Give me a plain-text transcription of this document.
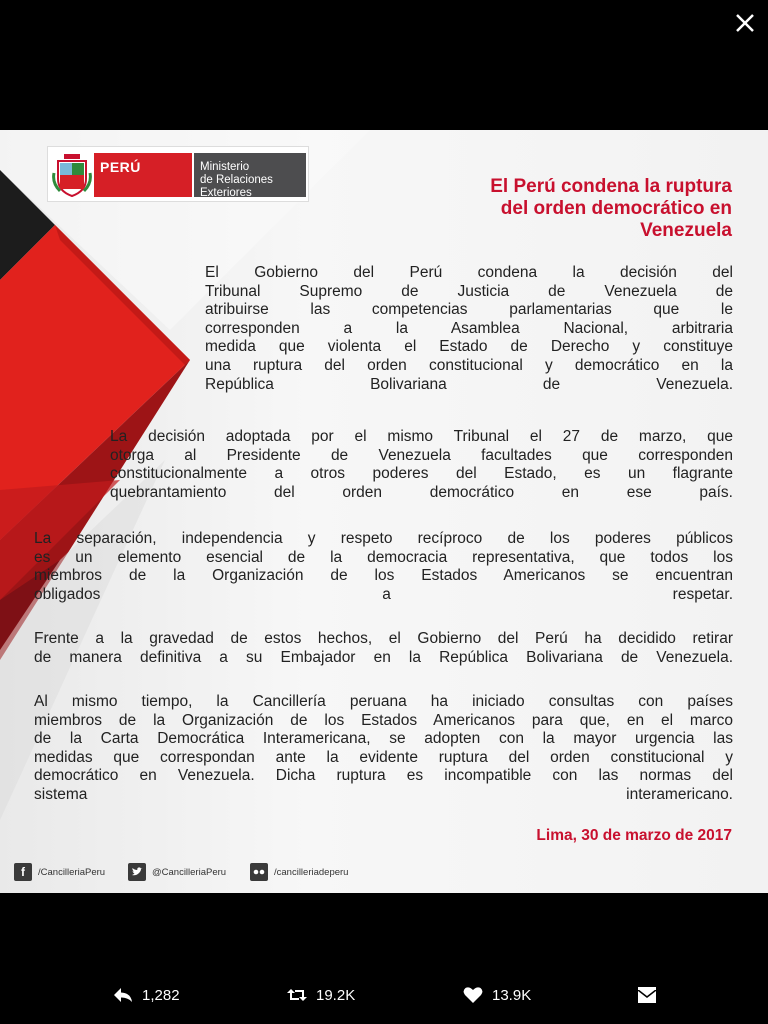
PERÚ	Ministerio
de Relaciones Exteriores	El Perú condena la ruptura
del orden democrático en
Venezuela
El Gobierno del Perú condena la decisión del
Tribunal Supremo de Justicia de Venezuela de
atribuirse las competencias parlamentarias que le
corresponden a la Asamblea Nacional, arbitraria
medida que violenta el Estado de Derecho y constituye
una ruptura del orden constitucional y democrático en la
República Bolivariana de Venezuela.
La decisión adoptada por el mismo Tribunal el 27 de marzo, que
otorga al Presidente de Venezuela facultades que corresponden
constitucionalmente a otros poderes del Estado, es un flagrante
quebrantamiento del orden democrático en ese país.
La separación, independencia y respeto recíproco de los poderes públicos
es un elemento esencial de la democracia representativa, que todos los
miembros de la Organización de los Estados Americanos se encuentran
obligados a respetar.
Frente a la gravedad de estos hechos, el Gobierno del Perú ha decidido retirar
de manera definitiva a su Embajador en la República Bolivariana de Venezuela.
Al mismo tiempo, la Cancillería peruana ha iniciado consultas con países
miembros de la Organización de los Estados Americanos para que, en el marco
de la Carta Democrática Interamericana, se adopten con la mayor urgencia las
medidas que correspondan ante la evidente ruptura del orden constitucional y
democrático en Venezuela. Dicha ruptura es incompatible con las normas del
sistema interamericano.
Lima, 30 de marzo de 2017
f	/CancilleriaPeru	@CancilleriaPeru	/cancilleriadeperu
1,282	19.2K	13.9K
